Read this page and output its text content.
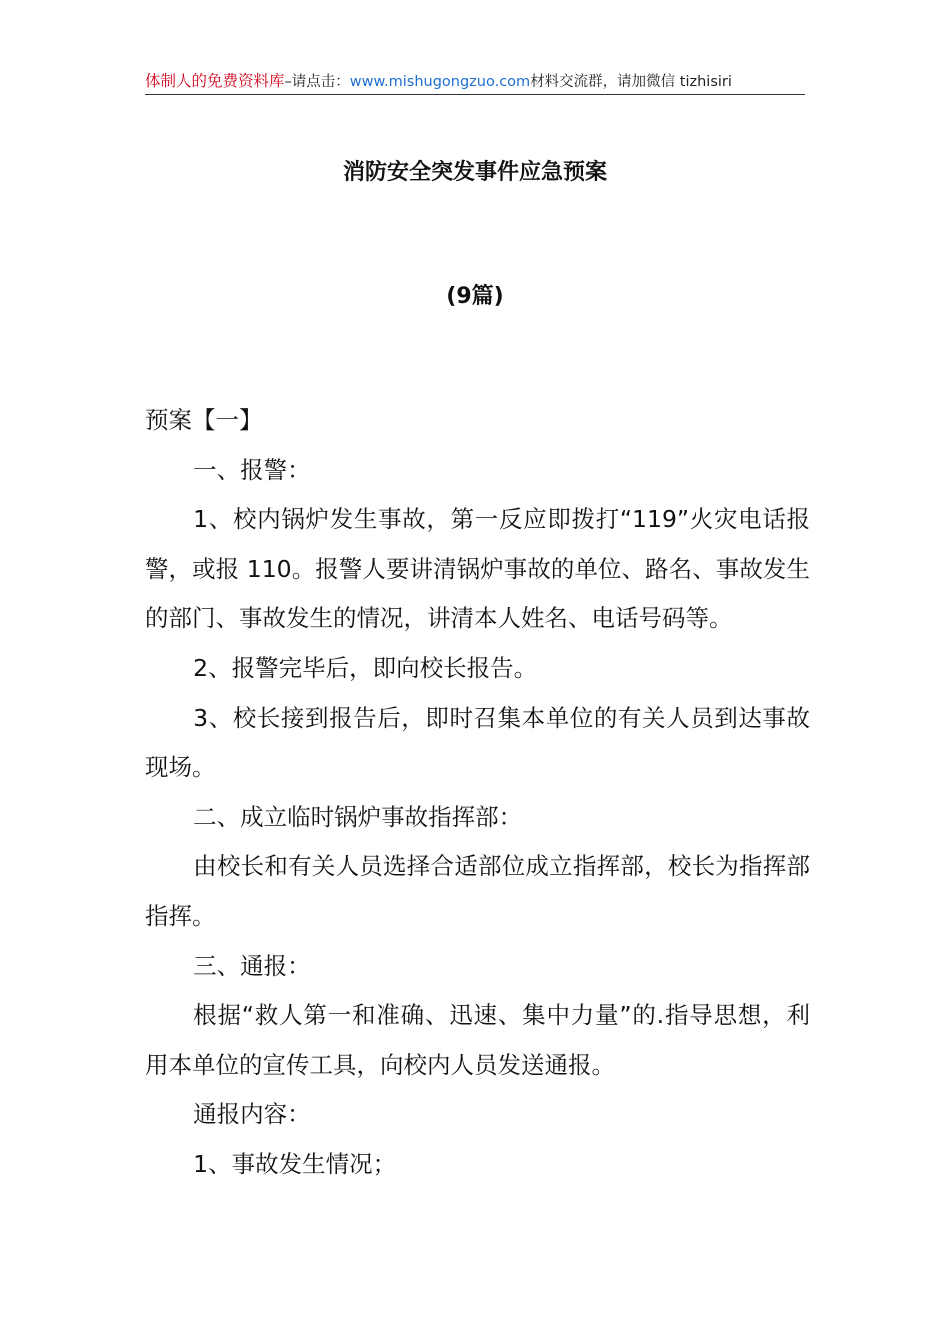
体制人的免费资料库–请点击：www.mishugongzuo.com材料交流群，请加微信 tizhisiri
消防安全突发事件应急预案
(9篇)

预案【一】

一、报警：

1、校内锅炉发生事故，第一反应即拨打“119”火灾电话报警，或报 110。报警人要讲清锅炉事故的单位、路名、事故发生的部门、事故发生的情况，讲清本人姓名、电话号码等。

2、报警完毕后，即向校长报告。

3、校长接到报告后，即时召集本单位的有关人员到达事故现场。

二、成立临时锅炉事故指挥部：

由校长和有关人员选择合适部位成立指挥部，校长为指挥部指挥。

三、通报：

根据“救人第一和准确、迅速、集中力量”的.指导思想，利用本单位的宣传工具，向校内人员发送通报。

通报内容：

1、事故发生情况；
